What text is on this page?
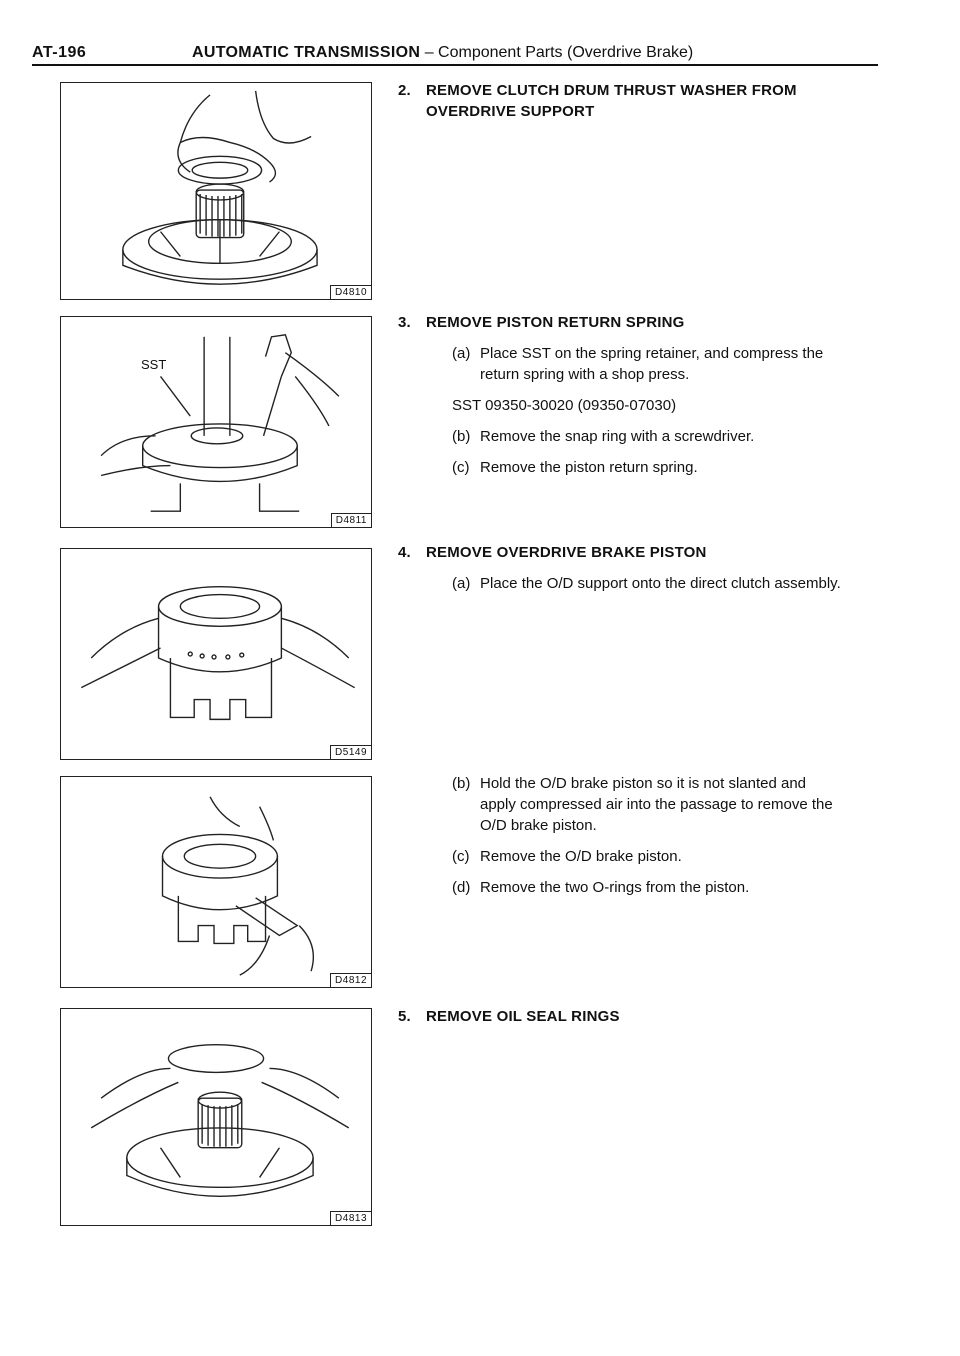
AT-196	AUTOMATIC TRANSMISSION – Component Parts (Overdrive Brake)
D4810
SST
D4811
D5149
D4812
D4813
2. REMOVE CLUTCH DRUM THRUST WASHER FROM
OVERDRIVE SUPPORT
3. REMOVE PISTON RETURN SPRING
(a) Place SST on the spring retainer, and compress the
return spring with a shop press.
SST 09350-30020 (09350-07030)
(b) Remove the snap ring with a screwdriver.
(c) Remove the piston return spring.
4. REMOVE OVERDRIVE BRAKE PISTON
(a) Place the O/D support onto the direct clutch assembly.
(b) Hold the O/D brake piston so it is not slanted and
apply compressed air into the passage to remove the
O/D brake piston.
(c) Remove the O/D brake piston.
(d) Remove the two O-rings from the piston.
5. REMOVE OIL SEAL RINGS
